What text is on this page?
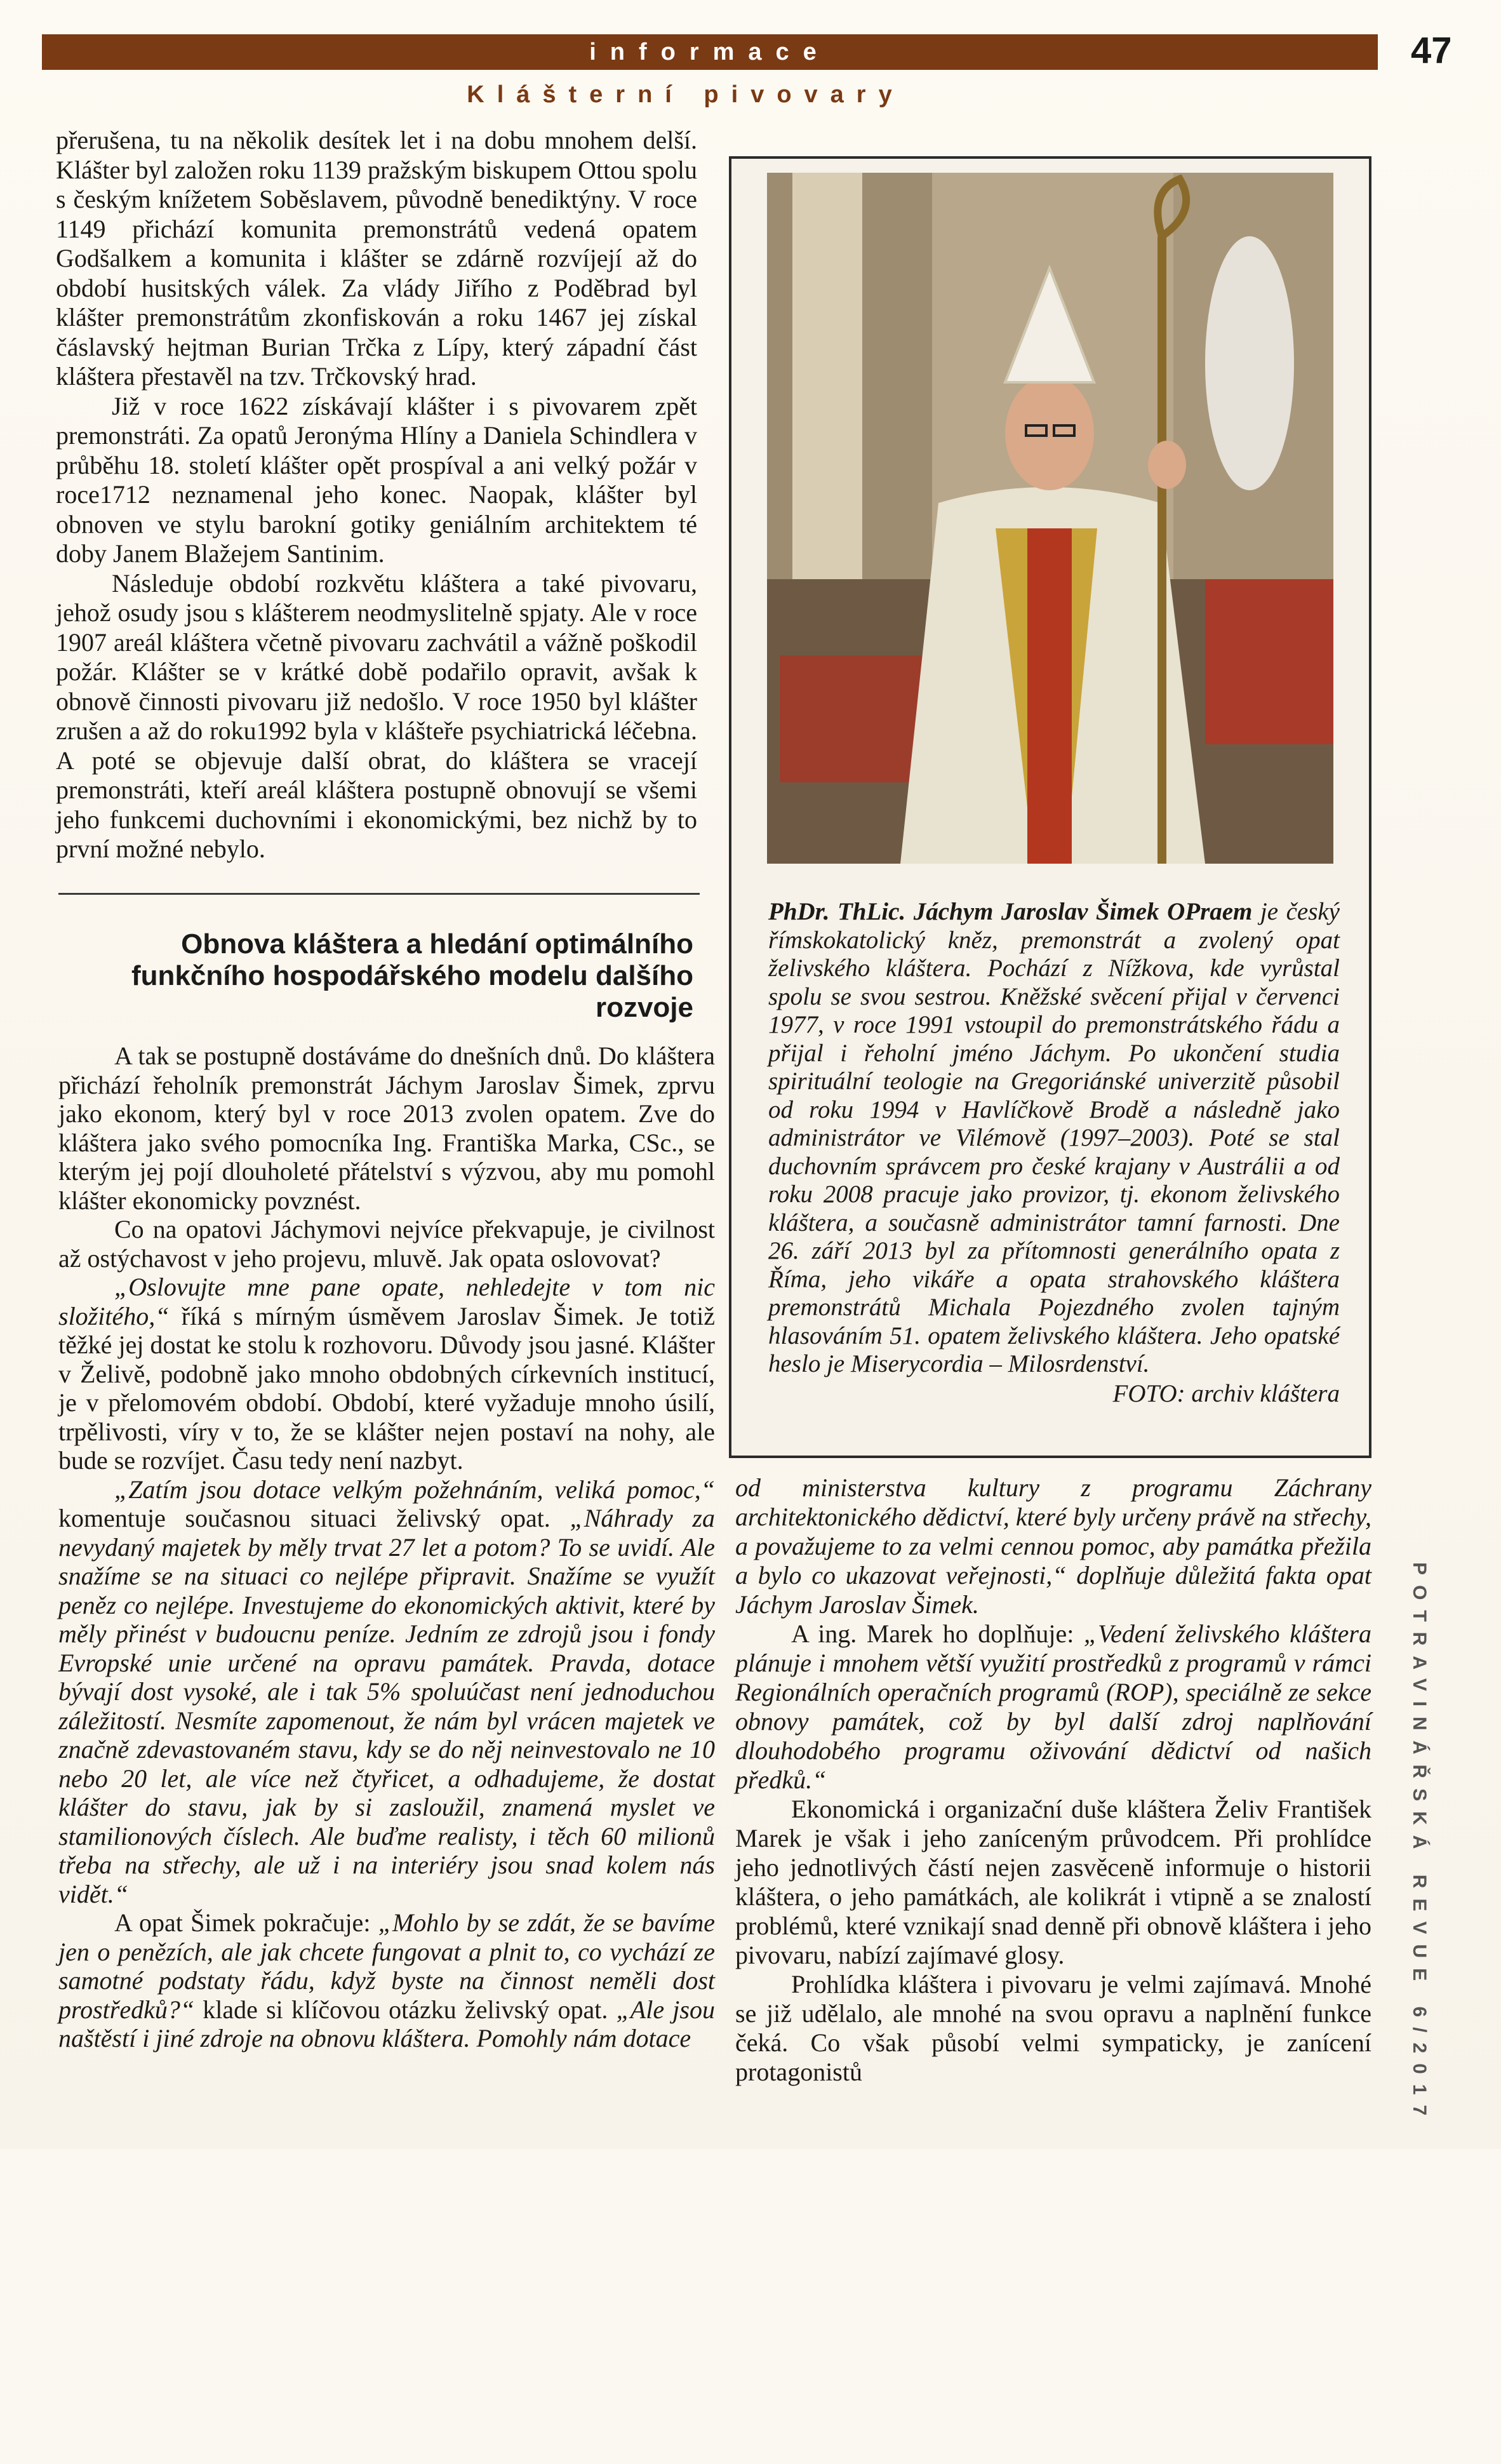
informace	47
Klášterní pivovary

přerušena, tu na několik desítek let i na dobu mnohem delší. Klášter byl založen roku 1139 pražským biskupem Ottou spolu s českým knížetem Soběslavem, původně benediktýny. V roce 1149 přichází komunita premonstrátů vedená opatem Godšalkem a komunita i klášter se zdárně rozvíjejí až do období husitských válek. Za vlády Jiřího z Poděbrad byl klášter premonstrátům zkonfiskován a roku 1467 jej získal čáslavský hejtman Burian Trčka z Lípy, který západní část kláštera přestavěl na tzv. Trčkovský hrad.

Již v roce 1622 získávají klášter i s pivovarem zpět premonstráti. Za opatů Jeronýma Hlíny a Daniela Schindlera v průběhu 18. století klášter opět prospíval a ani velký požár v roce1712 neznamenal jeho konec. Naopak, klášter byl obnoven ve stylu barokní gotiky geniálním architektem té doby Janem Blažejem Santinim.

Následuje období rozkvětu kláštera a také pivovaru, jehož osudy jsou s klášterem neodmyslitelně spjaty. Ale v roce 1907 areál kláštera včetně pivovaru zachvátil a vážně poškodil požár. Klášter se v krátké době podařilo opravit, avšak k obnově činnosti pivovaru již nedošlo. V roce 1950 byl klášter zrušen a až do roku1992 byla v klášteře psychiatrická léčebna. A poté se objevuje další obrat, do kláštera se vracejí premonstráti, kteří areál kláštera postupně obnovují se všemi jeho funkcemi duchovními i ekonomickými, bez nichž by to první možné nebylo.

Obnova kláštera a hledání optimálního funkčního hospodářského modelu dalšího rozvoje

A tak se postupně dostáváme do dnešních dnů. Do kláštera přichází řeholník premonstrát Jáchym Jaroslav Šimek, zprvu jako ekonom, který byl v roce 2013 zvolen opatem. Zve do kláštera jako svého pomocníka Ing. Františka Marka, CSc., se kterým jej pojí dlouholeté přátelství s výzvou, aby mu pomohl klášter ekonomicky povznést.

Co na opatovi Jáchymovi nejvíce překvapuje, je civilnost až ostýchavost v jeho projevu, mluvě. Jak opata oslovovat?

„Oslovujte mne pane opate, nehledejte v tom nic složitého,“ říká s mírným úsměvem Jaroslav Šimek. Je totiž těžké jej dostat ke stolu k rozhovoru. Důvody jsou jasné. Klášter v Želivě, podobně jako mnoho obdobných církevních institucí, je v přelomovém období. Období, které vyžaduje mnoho úsilí, trpělivosti, víry v to, že se klášter nejen postaví na nohy, ale bude se rozvíjet. Času tedy není nazbyt.

„Zatím jsou dotace velkým požehnáním, veliká pomoc,“ komentuje současnou situaci želivský opat. „Náhrady za nevydaný majetek by měly trvat 27 let a potom? To se uvidí. Ale snažíme se na situaci co nejlépe připravit. Snažíme se využít peněz co nejlépe. Investujeme do ekonomických aktivit, které by měly přinést v budoucnu peníze. Jedním ze zdrojů jsou i fondy Evropské unie určené na opravu památek. Pravda, dotace bývají dost vysoké, ale i tak 5% spoluúčast není jednoduchou záležitostí. Nesmíte zapomenout, že nám byl vrácen majetek ve značně zdevastovaném stavu, kdy se do něj neinvestovalo ne 10 nebo 20 let, ale více než čtyřicet, a odhadujeme, že dostat klášter do stavu, jak by si zasloužil, znamená myslet ve stamilionových číslech. Ale buďme realisty, i těch 60 milionů třeba na střechy, ale už i na interiéry jsou snad kolem nás vidět.“

A opat Šimek pokračuje: „Mohlo by se zdát, že se bavíme jen o penězích, ale jak chcete fungovat a plnit to, co vychází ze samotné podstaty řádu, když byste na činnost neměli dost prostředků?“ klade si klíčovou otázku želivský opat. „Ale jsou naštěstí i jiné zdroje na obnovu kláštera. Pomohly nám dotace

PhDr. ThLic. Jáchym Jaroslav Šimek OPraem je český římskokatolický kněz, premonstrát a zvolený opat želivského kláštera. Pochází z Nížkova, kde vyrůstal spolu se svou sestrou. Kněžské svěcení přijal v červenci 1977, v roce 1991 vstoupil do premonstrátského řádu a přijal i řeholní jméno Jáchym. Po ukončení studia spirituální teologie na Gregoriánské univerzitě působil od roku 1994 v Havlíčkově Brodě a následně jako administrátor ve Vilémově (1997–2003). Poté se stal duchovním správcem pro české krajany v Austrálii a od roku 2008 pracuje jako provizor, tj. ekonom želivského kláštera, a současně administrátor tamní farnosti. Dne 26. září 2013 byl za přítomnosti generálního opata z Říma, jeho vikáře a opata strahovského kláštera premonstrátů Michala Pojezdného zvolen tajným hlasováním 51. opatem želivského kláštera. Jeho opatské heslo je Miserycordia – Milosrdenství.
FOTO: archiv kláštera

od ministerstva kultury z programu Záchrany architektonického dědictví, které byly určeny právě na střechy, a považujeme to za velmi cennou pomoc, aby památka přežila a bylo co ukazovat veřejnosti,“ doplňuje důležitá fakta opat Jáchym Jaroslav Šimek.

A ing. Marek ho doplňuje: „Vedení želivského kláštera plánuje i mnohem větší využití prostředků z programů v rámci Regionálních operačních programů (ROP), speciálně ze sekce obnovy památek, což by byl další zdroj naplňování dlouhodobého programu oživování dědictví od našich předků.“

Ekonomická i organizační duše kláštera Želiv František Marek je však i jeho zaníceným průvodcem. Při prohlídce jeho jednotlivých částí nejen zasvěceně informuje o historii kláštera, o jeho památkách, ale kolikrát i vtipně a se znalostí problémů, které vznikají snad denně při obnově kláštera i jeho pivovaru, nabízí zajímavé glosy.

Prohlídka kláštera i pivovaru je velmi zajímavá. Mnohé se již udělalo, ale mnohé na svou opravu a naplnění funkce čeká. Co však působí velmi sympaticky, je zanícení protagonistů	POTRAVINÁŘSKÁ REVUE 6/2017
